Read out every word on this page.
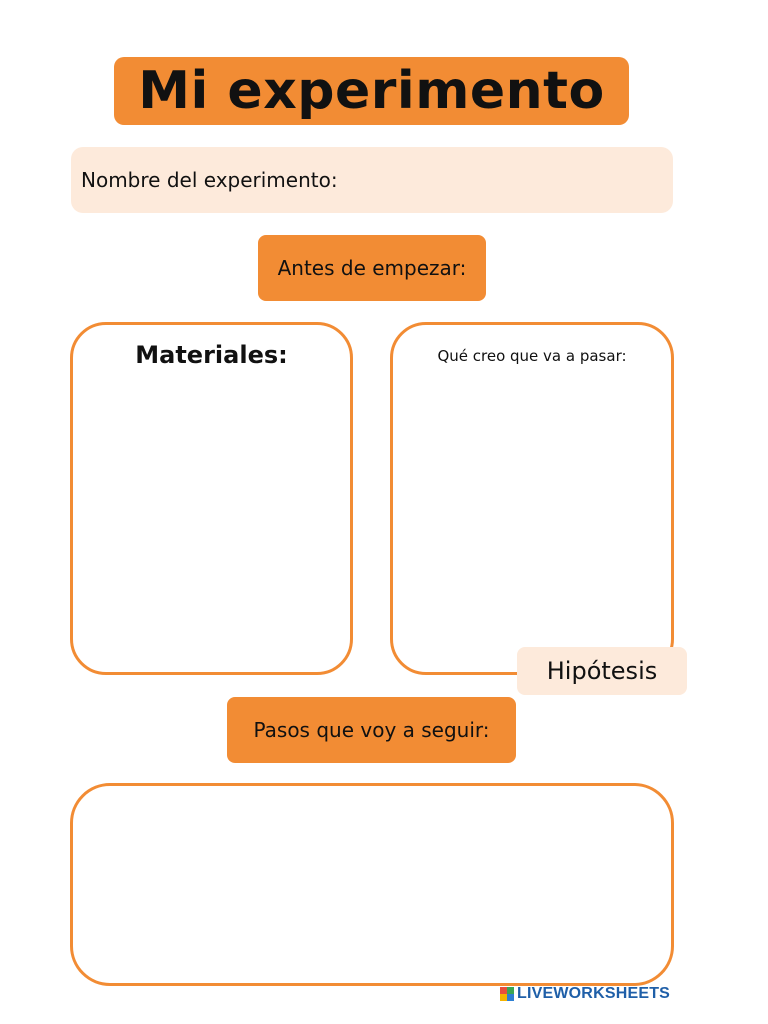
Mi experimento
Nombre del experimento:
Antes de empezar:
Materiales:	Qué creo que va a pasar:
Hipótesis
Pasos que voy a seguir:
LIVEWORKSHEETS
